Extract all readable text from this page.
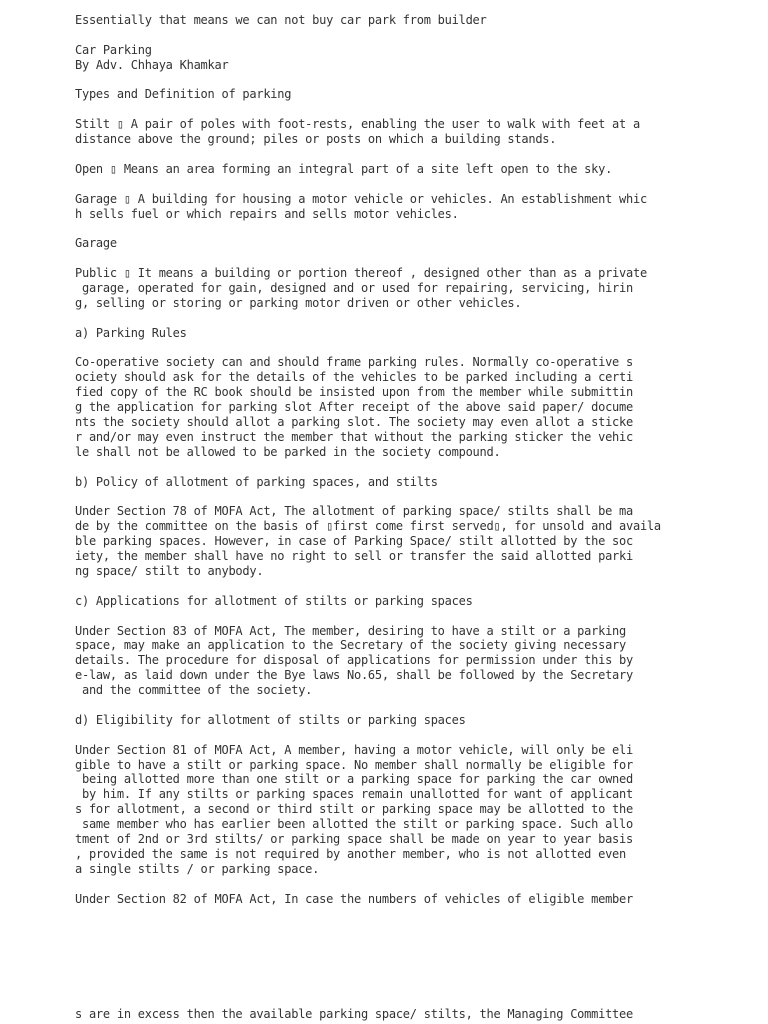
Essentially that means we can not buy car park from builder
Car Parking
By Adv. Chhaya Khamkar
Types and Definition of parking
Stilt ▯ A pair of poles with foot-rests, enabling the user to walk with feet at a
distance above the ground; piles or posts on which a building stands.
Open ▯ Means an area forming an integral part of a site left open to the sky.
Garage ▯ A building for housing a motor vehicle or vehicles. An establishment whic
h sells fuel or which repairs and sells motor vehicles.
Garage
Public ▯ It means a building or portion thereof , designed other than as a private
garage, operated for gain, designed and or used for repairing, servicing, hirin
g, selling or storing or parking motor driven or other vehicles.
a) Parking Rules
Co-operative society can and should frame parking rules. Normally co-operative s
ociety should ask for the details of the vehicles to be parked including a certi
fied copy of the RC book should be insisted upon from the member while submittin
g the application for parking slot After receipt of the above said paper/ docume
nts the society should allot a parking slot. The society may even allot a sticke
r and/or may even instruct the member that without the parking sticker the vehic
le shall not be allowed to be parked in the society compound.
b) Policy of allotment of parking spaces, and stilts
Under Section 78 of MOFA Act, The allotment of parking space/ stilts shall be ma
de by the committee on the basis of ▯first come first served▯, for unsold and availa
ble parking spaces. However, in case of Parking Space/ stilt allotted by the soc
iety, the member shall have no right to sell or transfer the said allotted parki
ng space/ stilt to anybody.
c) Applications for allotment of stilts or parking spaces
Under Section 83 of MOFA Act, The member, desiring to have a stilt or a parking
space, may make an application to the Secretary of the society giving necessary
details. The procedure for disposal of applications for permission under this by
e-law, as laid down under the Bye laws No.65, shall be followed by the Secretary
and the committee of the society.
d) Eligibility for allotment of stilts or parking spaces
Under Section 81 of MOFA Act, A member, having a motor vehicle, will only be eli
gible to have a stilt or parking space. No member shall normally be eligible for
being allotted more than one stilt or a parking space for parking the car owned
by him. If any stilts or parking spaces remain unallotted for want of applicant
s for allotment, a second or third stilt or parking space may be allotted to the
same member who has earlier been allotted the stilt or parking space. Such allo
tment of 2nd or 3rd stilts/ or parking space shall be made on year to year basis
, provided the same is not required by another member, who is not allotted even
a single stilts / or parking space.
Under Section 82 of MOFA Act, In case the numbers of vehicles of eligible member
s are in excess then the available parking space/ stilts, the Managing Committee
